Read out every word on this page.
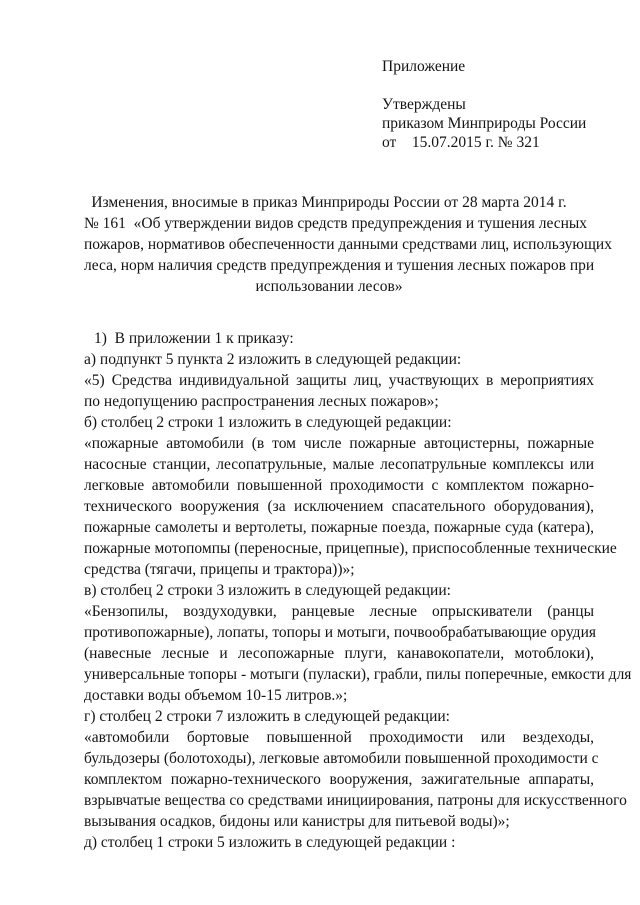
Приложение
Утверждены
приказом Минприроды России
от    15.07.2015 г. № 321
Изменения, вносимые в приказ Минприроды России от 28 марта 2014 г.
№ 161  «Об утверждении видов средств предупреждения и тушения лесных
пожаров, нормативов обеспеченности данными средствами лиц, использующих
леса, норм наличия средств предупреждения и тушения лесных пожаров при
использовании лесов»
1)  В приложении 1 к приказу:
а) подпункт 5 пункта 2 изложить в следующей редакции:
«5) Средства индивидуальной защиты лиц, участвующих в мероприятиях
по недопущению распространения лесных пожаров»;
б) столбец 2 строки 1 изложить в следующей редакции:
«пожарные автомобили (в том числе пожарные автоцистерны, пожарные
насосные станции, лесопатрульные, малые лесопатрульные комплексы или
легковые автомобили повышенной проходимости с комплектом пожарно-
технического вооружения (за исключением спасательного оборудования),
пожарные самолеты и вертолеты, пожарные поезда, пожарные суда (катера),
пожарные мотопомпы (переносные, прицепные), приспособленные технические
средства (тягачи, прицепы и трактора))»;
в) столбец 2 строки 3 изложить в следующей редакции:
«Бензопилы, воздуходувки, ранцевые лесные опрыскиватели (ранцы
противопожарные), лопаты, топоры и мотыги, почвообрабатывающие орудия
(навесные лесные и лесопожарные плуги, канавокопатели, мотоблоки),
универсальные топоры - мотыги (пуласки), грабли, пилы поперечные, емкости для
доставки воды объемом 10-15 литров.»;
г) столбец 2 строки 7 изложить в следующей редакции:
«автомобили бортовые повышенной проходимости или вездеходы,
бульдозеры (болотоходы), легковые автомобили повышенной проходимости с
комплектом пожарно-технического вооружения, зажигательные аппараты,
взрывчатые вещества со средствами инициирования, патроны для искусственного
вызывания осадков, бидоны или канистры для питьевой воды)»;
д) столбец 1 строки 5 изложить в следующей редакции :
